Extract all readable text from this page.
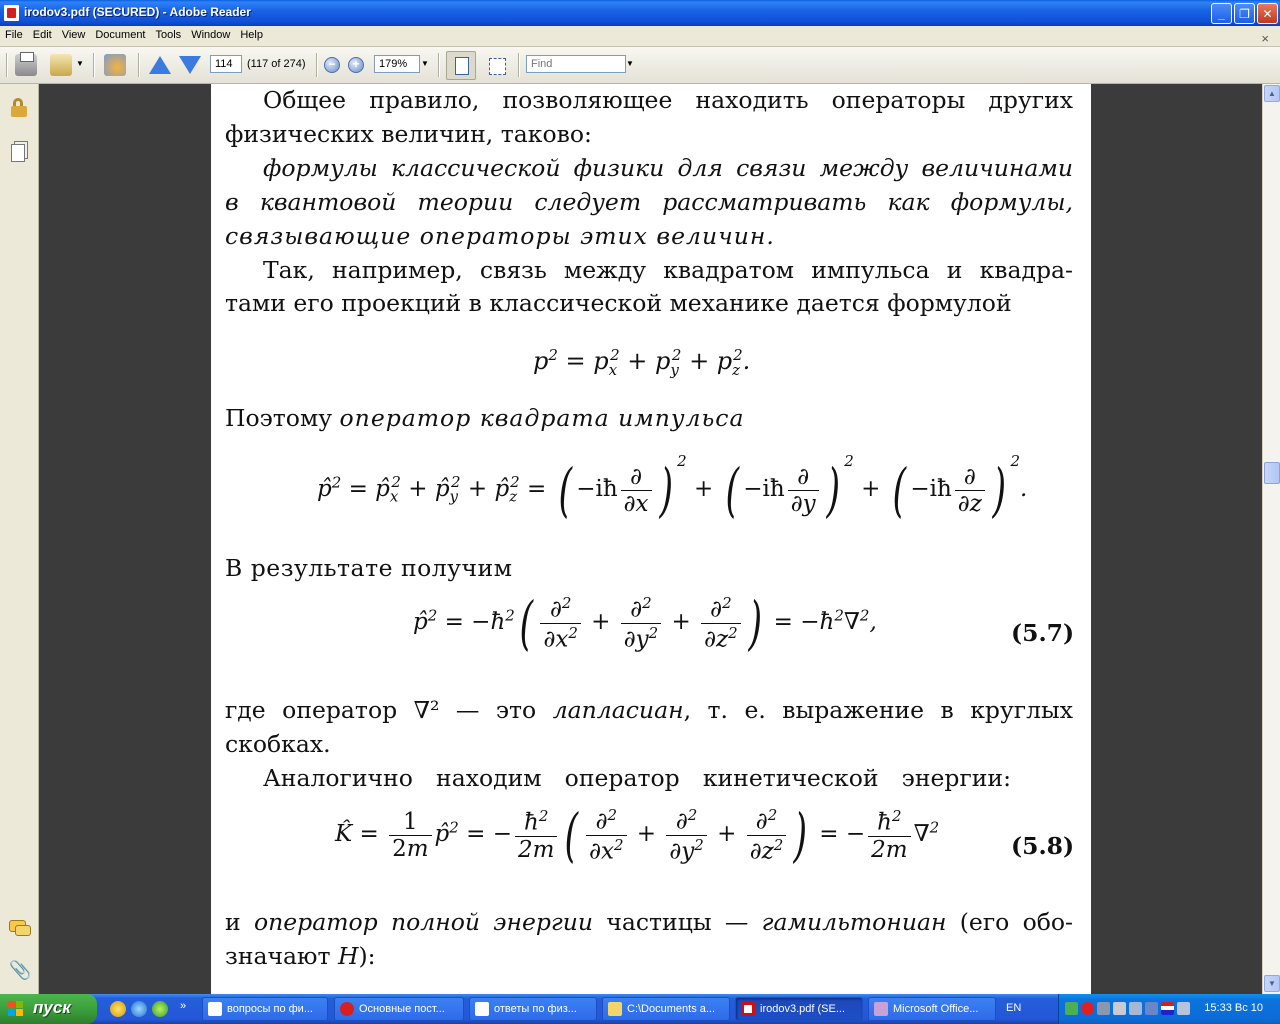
irodov3.pdf (SECURED) - Adobe Reader	_	❐	✕
File Edit View Document Tools Window Help	×
▼	114	(117 of 274)	−	+	179%	▼
Find	▼
📎
Общее правило, позволяющее находить операторы других
физических величин, таково:
формулы классической физики для связи между величинами
в квантовой теории следует рассматривать как формулы,
связывающие операторы этих величин.
Так, например, связь между квадратом импульса и квадра-
тами его проекций в классической механике дается формулой
$p^2 = p_x^2 + p_y^2 + p_z^2$.
Поэтому оператор квадрата импульса
p̂$^2$ = $p̂_x^2$ + $p̂_y^2$ + $p̂_z^2$ = ( −iħ $\frac{\partial}{\partial x}$ ) $^2$ + ( −iħ $\frac{\partial}{\partial y}$ ) $^2$ + ( −iħ $\frac{\partial}{\partial z}$ ) $^2$.
В результате получим
p̂$^2$ = $-ħ^2( \frac{\partial^2}{\partial x^2} + \frac{\partial^2}{\partial y^2} + \frac{\partial^2}{\partial z^2}$ ) = $-ħ^2\nabla^2$,	(5.7)
где оператор ∇² — это лапласиан, т. е. выражение в круглых
скобках.
Аналогично находим оператор кинетической энергии:
K̂ = $\frac{1}{2m}$ p̂$^2$ = − $\frac{ħ^2}{2m}$ ( $\frac{\partial^2}{\partial x^2} + \frac{\partial^2}{\partial y^2} + \frac{\partial^2}{\partial z^2}$ ) = − $\frac{ħ^2}{2m} \nabla^2$
(5.8)
и оператор полной энергии частицы — гамильтониан (его обо-
значают H):
▲
▼
пуск	»	вопросы по фи...	Основные пост...	ответы по физ...	C:\Documents a...	irodov3.pdf (SE...	Microsoft Office...	EN	15:33 Вс 10
